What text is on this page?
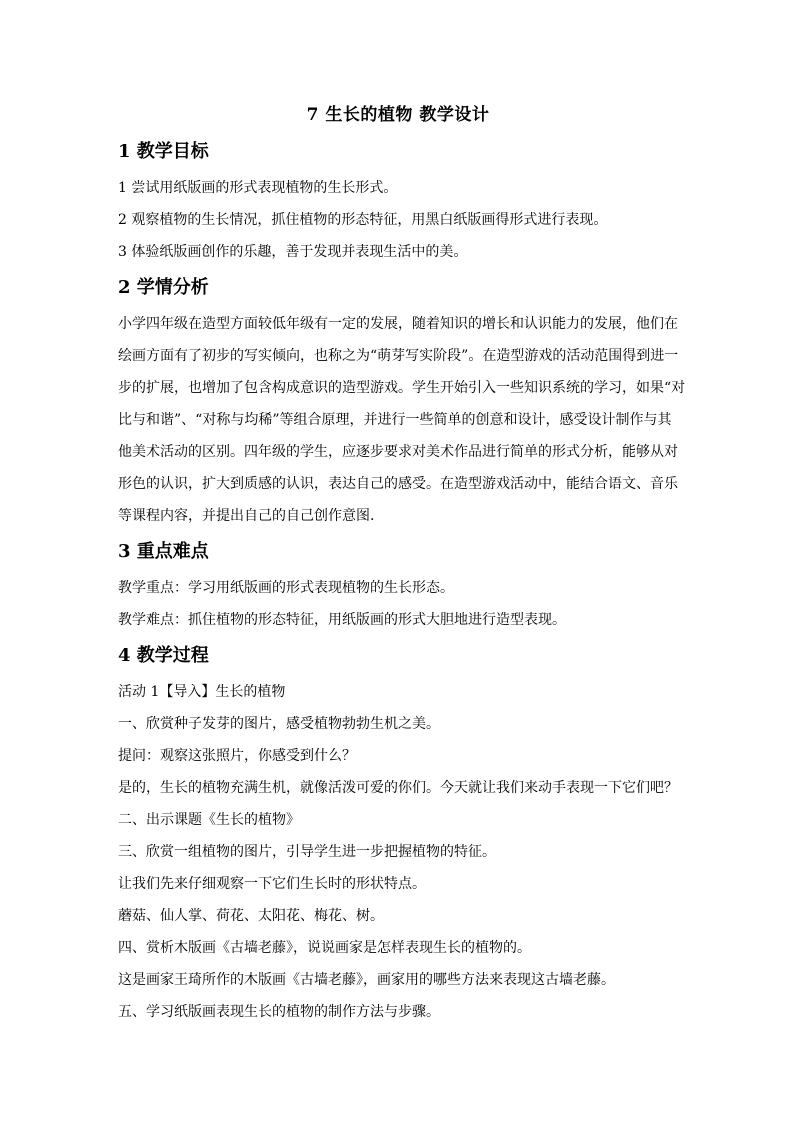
7 生长的植物 教学设计
1 教学目标

1 尝试用纸版画的形式表现植物的生长形式。

2 观察植物的生长情况，抓住植物的形态特征，用黑白纸版画得形式进行表现。

3 体验纸版画创作的乐趣，善于发现并表现生活中的美。

2 学情分析
小学四年级在造型方面较低年级有一定的发展，随着知识的增长和认识能力的发展，他们在
绘画方面有了初步的写实倾向，也称之为“萌芽写实阶段”。在造型游戏的活动范围得到进一
步的扩展，也增加了包含构成意识的造型游戏。学生开始引入一些知识系统的学习，如果“对
比与和谐”、“对称与均稀”等组合原理，并进行一些简单的创意和设计，感受设计制作与其
他美术活动的区别。四年级的学生，应逐步要求对美术作品进行简单的形式分析，能够从对
形色的认识，扩大到质感的认识，表达自己的感受。在造型游戏活动中，能结合语文、音乐
等课程内容，并提出自己的自己创作意图.
3 重点难点

教学重点：学习用纸版画的形式表现植物的生长形态。

教学难点：抓住植物的形态特征，用纸版画的形式大胆地进行造型表现。

4 教学过程

活动 1【导入】生长的植物

一、欣赏种子发芽的图片，感受植物勃勃生机之美。

提问：观察这张照片，你感受到什么？

是的，生长的植物充满生机，就像活泼可爱的你们。今天就让我们来动手表现一下它们吧？

二、出示课题《生长的植物》

三、欣赏一组植物的图片，引导学生进一步把握植物的特征。

让我们先来仔细观察一下它们生长时的形状特点。

蘑菇、仙人掌、荷花、太阳花、梅花、树。

四、赏析木版画《古墙老藤》，说说画家是怎样表现生长的植物的。

这是画家王琦所作的木版画《古墙老藤》，画家用的哪些方法来表现这古墙老藤。

五、学习纸版画表现生长的植物的制作方法与步骤。
